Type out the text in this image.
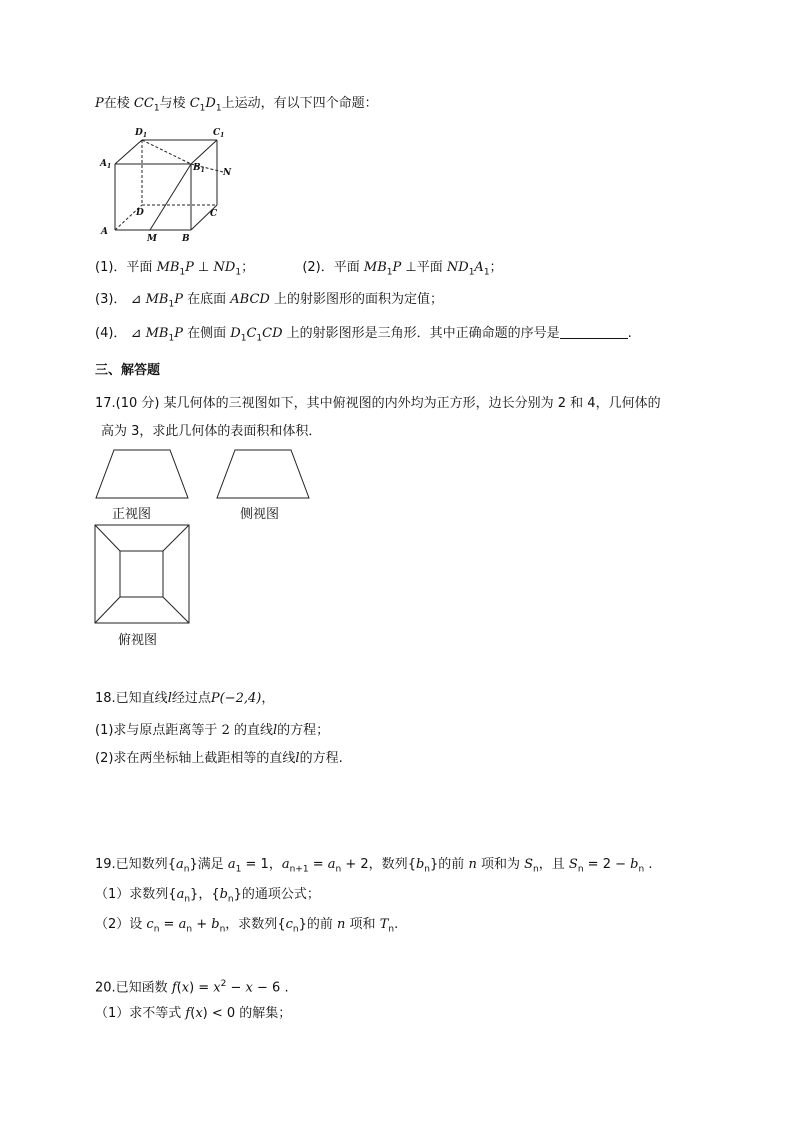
P在棱 $CC_1$与棱 $C_1D_1$上运动，有以下四个命题：
$D_1$	$C_1$
$A_1$	$B_1$ N
D	C
A
M	B
(1)．平面 $MB_1P$ ⊥ $ND_1$；	(2)．平面 $MB_1P$ ⊥平面 $ND_1A_1$；
(3)． ⊿ $MB_1P$ 在底面 ABCD 上的射影图形的面积为定值；
(4)． ⊿ $MB_1P$ 在侧面 $D_1C_1CD$ 上的射影图形是三角形．其中正确命题的序号是	.
三、解答题
17.(10 分) 某几何体的三视图如下，其中俯视图的内外均为正方形，边长分别为 2 和 4，几何体的
高为 3，求此几何体的表面积和体积．
正视图	侧视图
俯视图
18.已知直线l经过点P(−2,4)，
(1)求与原点距离等于 2 的直线l的方程；
(2)求在两坐标轴上截距相等的直线l的方程.
19.已知数列$\{a_n\}$满足 $a_1 = 1$，$a_{n+1} = a_n + 2$，数列$\{b_n\}$的前 n 项和为 $S_n$，且 $S_n = 2 - b_n$ .
（1）求数列$\{a_n\}$，$\{b_n\}$的通项公式；
（2）设 $c_n = a_n + b_n$，求数列$\{c_n\}$的前 n 项和 $T_n$.
20.已知函数 $f(x) = x^2 - x - 6$ .
（1）求不等式 f(x) < 0 的解集；
